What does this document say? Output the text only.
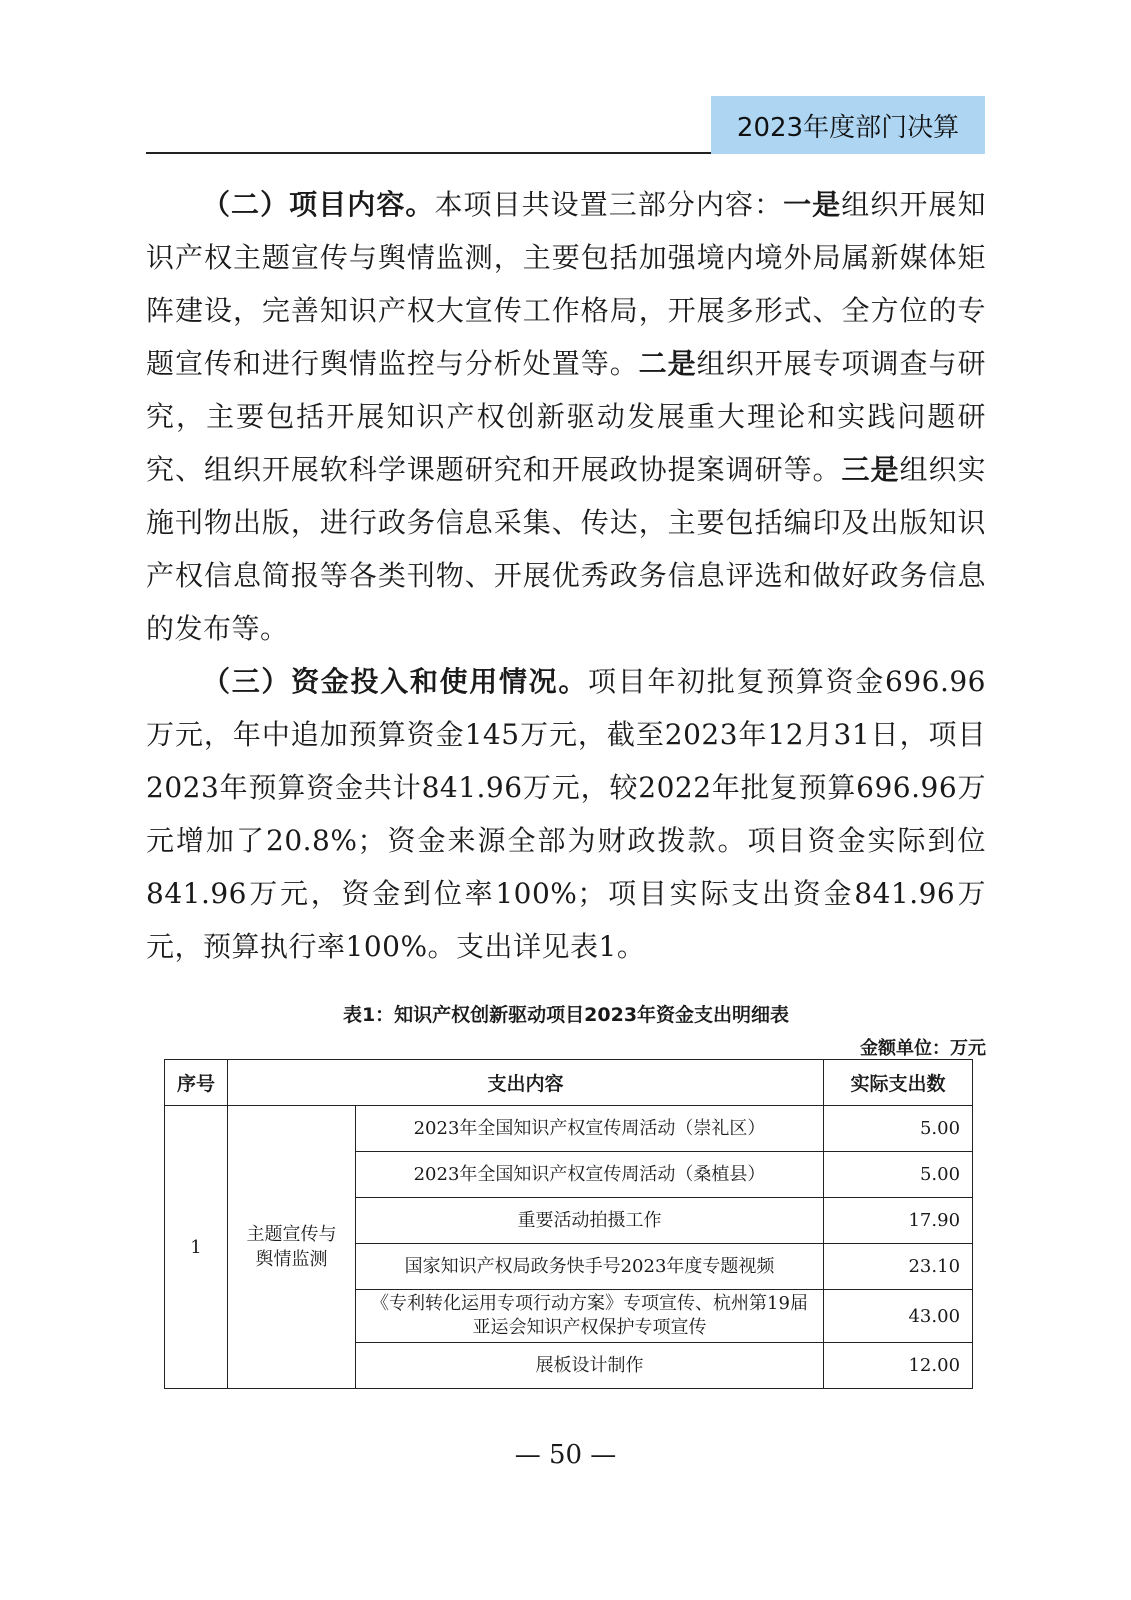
2023年度部门决算

（二）项目内容。本项目共设置三部分内容：一是组织开展知识产权主题宣传与舆情监测，主要包括加强境内境外局属新媒体矩阵建设，完善知识产权大宣传工作格局，开展多形式、全方位的专题宣传和进行舆情监控与分析处置等。二是组织开展专项调查与研究，主要包括开展知识产权创新驱动发展重大理论和实践问题研究、组织开展软科学课题研究和开展政协提案调研等。三是组织实施刊物出版，进行政务信息采集、传达，主要包括编印及出版知识产权信息简报等各类刊物、开展优秀政务信息评选和做好政务信息的发布等。

（三）资金投入和使用情况。项目年初批复预算资金696.96万元，年中追加预算资金145万元，截至2023年12月31日，项目2023年预算资金共计841.96万元，较2022年批复预算696.96万元增加了20.8%；资金来源全部为财政拨款。项目资金实际到位841.96万元，资金到位率100%；项目实际支出资金841.96万元，预算执行率100%。支出详见表1。

表1：知识产权创新驱动项目2023年资金支出明细表
金额单位：万元
序号	支出内容		实际支出数
1	主题宣传与舆情监测	2023年全国知识产权宣传周活动（崇礼区）	5.00
		2023年全国知识产权宣传周活动（桑植县）	5.00
		重要活动拍摄工作	17.90
		国家知识产权局政务快手号2023年度专题视频	23.10
		《专利转化运用专项行动方案》专项宣传、杭州第19届亚运会知识产权保护专项宣传	43.00
		展板设计制作	12.00
— 50 —
